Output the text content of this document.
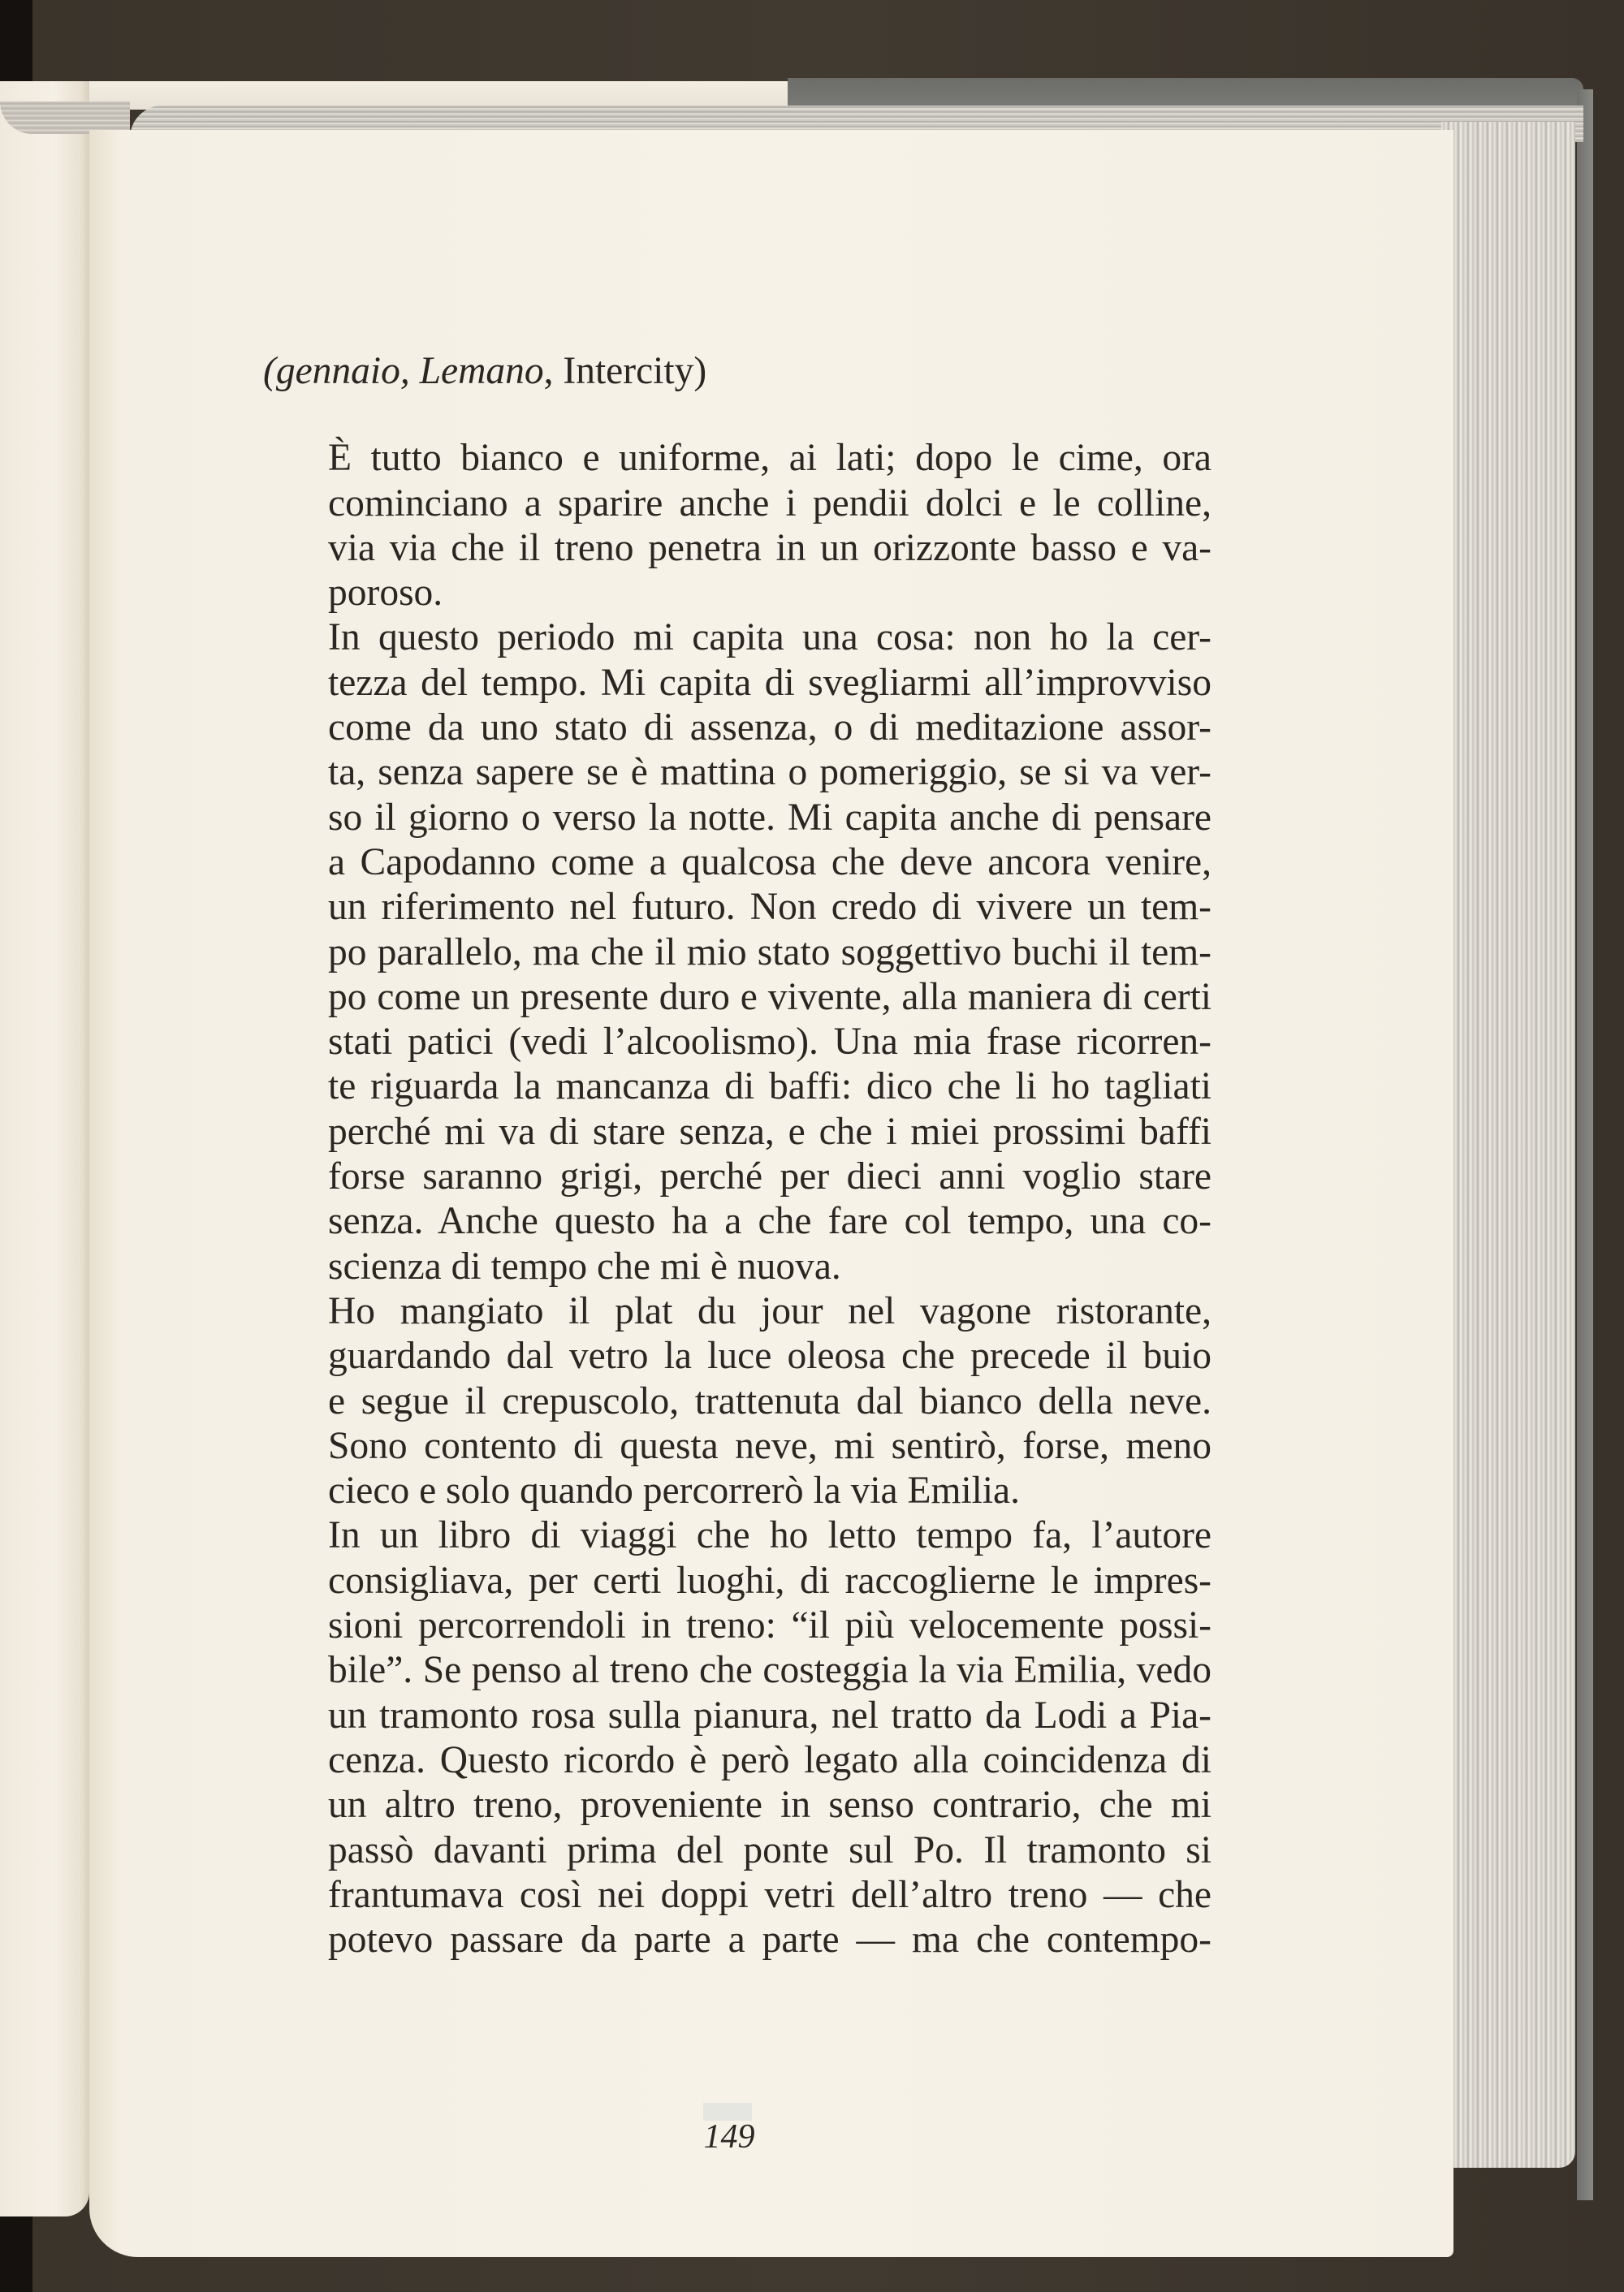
(gennaio, Lemano, Intercity)

È tutto bianco e uniforme, ai lati; dopo le cime, ora
cominciano a sparire anche i pendii dolci e le colline,
via via che il treno penetra in un orizzonte basso e va-
poroso.
In questo periodo mi capita una cosa: non ho la cer-
tezza del tempo. Mi capita di svegliarmi all’improvviso
come da uno stato di assenza, o di meditazione assor-
ta, senza sapere se è mattina o pomeriggio, se si va ver-
so il giorno o verso la notte. Mi capita anche di pensare
a Capodanno come a qualcosa che deve ancora venire,
un riferimento nel futuro. Non credo di vivere un tem-
po parallelo, ma che il mio stato soggettivo buchi il tem-
po come un presente duro e vivente, alla maniera di certi
stati patici (vedi l’alcoolismo). Una mia frase ricorren-
te riguarda la mancanza di baffi: dico che li ho tagliati
perché mi va di stare senza, e che i miei prossimi baffi
forse saranno grigi, perché per dieci anni voglio stare
senza. Anche questo ha a che fare col tempo, una co-
scienza di tempo che mi è nuova.
Ho mangiato il plat du jour nel vagone ristorante,
guardando dal vetro la luce oleosa che precede il buio
e segue il crepuscolo, trattenuta dal bianco della neve.
Sono contento di questa neve, mi sentirò, forse, meno
cieco e solo quando percorrerò la via Emilia.
In un libro di viaggi che ho letto tempo fa, l’autore
consigliava, per certi luoghi, di raccoglierne le impres-
sioni percorrendoli in treno: “il più velocemente possi-
bile”. Se penso al treno che costeggia la via Emilia, vedo
un tramonto rosa sulla pianura, nel tratto da Lodi a Pia-
cenza. Questo ricordo è però legato alla coincidenza di
un altro treno, proveniente in senso contrario, che mi
passò davanti prima del ponte sul Po. Il tramonto si
frantumava così nei doppi vetri dell’altro treno — che
potevo passare da parte a parte — ma che contempo-
149
